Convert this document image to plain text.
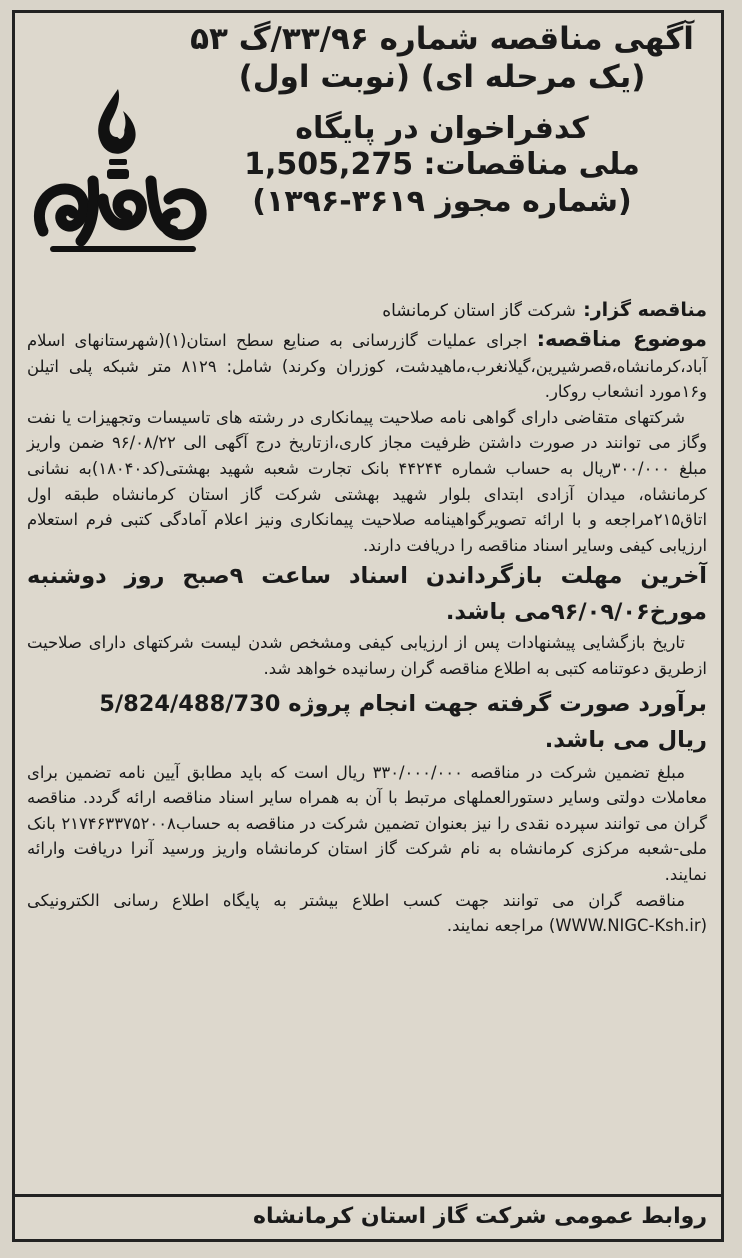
آگهی مناقصه شماره ۳۳/۹۶/گ ۵۳
(یک مرحله ای) (نوبت اول)
کدفراخوان در پایگاه
ملی مناقصات: 1,505,275
(شماره مجوز ۳۶۱۹-۱۳۹۶)
مناقصه گزار: شرکت گاز استان کرمانشاه

موضوع مناقصه: اجرای عملیات گازرسانی به صنایع سطح استان(۱)(شهرستانهای اسلام آباد،کرمانشاه،قصرشیرین،گیلانغرب،ماهیدشت، کوزران وکرند) شامل: ۸۱۲۹ متر شبکه پلی اتیلن و۱۶مورد انشعاب روکار.

شرکتهای متقاضی دارای گواهی نامه صلاحیت پیمانکاری در رشته های تاسیسات وتجهیزات یا نفت وگاز می توانند در صورت داشتن ظرفیت مجاز کاری،ازتاریخ درج آگهی الی ۹۶/۰۸/۲۲ ضمن واریز مبلغ ۳۰۰/۰۰۰ریال به حساب شماره ۴۴۲۴۴ بانک تجارت شعبه شهید بهشتی(کد۱۸۰۴۰)به نشانی کرمانشاه، میدان آزادی ابتدای بلوار شهید بهشتی شرکت گاز استان کرمانشاه طبقه اول اتاق۲۱۵مراجعه و با ارائه تصویرگواهینامه صلاحیت پیمانکاری ونیز اعلام آمادگی کتبی فرم استعلام ارزیابی کیفی وسایر اسناد مناقصه را دریافت دارند.

آخرین مهلت بازگرداندن اسناد ساعت ۹صبح روز دوشنبه مورخ۹۶/۰۹/۰۶می باشد.

تاریخ بازگشایی پیشنهادات پس از ارزیابی کیفی ومشخص شدن لیست شرکتهای دارای صلاحیت ازطریق دعوتنامه کتبی به اطلاع مناقصه گران رسانیده خواهد شد.

برآورد صورت گرفته جهت انجام پروژه 5/824/488/730
ریال می باشد.

مبلغ تضمین شرکت در مناقصه ۳۳۰/۰۰۰/۰۰۰ ریال است که باید مطابق آیین نامه تضمین برای معاملات دولتی وسایر دستورالعملهای مرتبط با آن به همراه سایر اسناد مناقصه ارائه گردد. مناقصه گران می توانند سپرده نقدی را نیز بعنوان تضمین شرکت در مناقصه به حساب۲۱۷۴۶۳۳۷۵۲۰۰۸ بانک ملی-شعبه مرکزی کرمانشاه به نام شرکت گاز استان کرمانشاه واریز ورسید آنرا دریافت وارائه نمایند.

مناقصه گران می توانند جهت کسب اطلاع بیشتر به پایگاه اطلاع رسانی الکترونیکی (WWW.NIGC-Ksh.ir) مراجعه نمایند.

روابط عمومی شرکت گاز استان کرمانشاه
